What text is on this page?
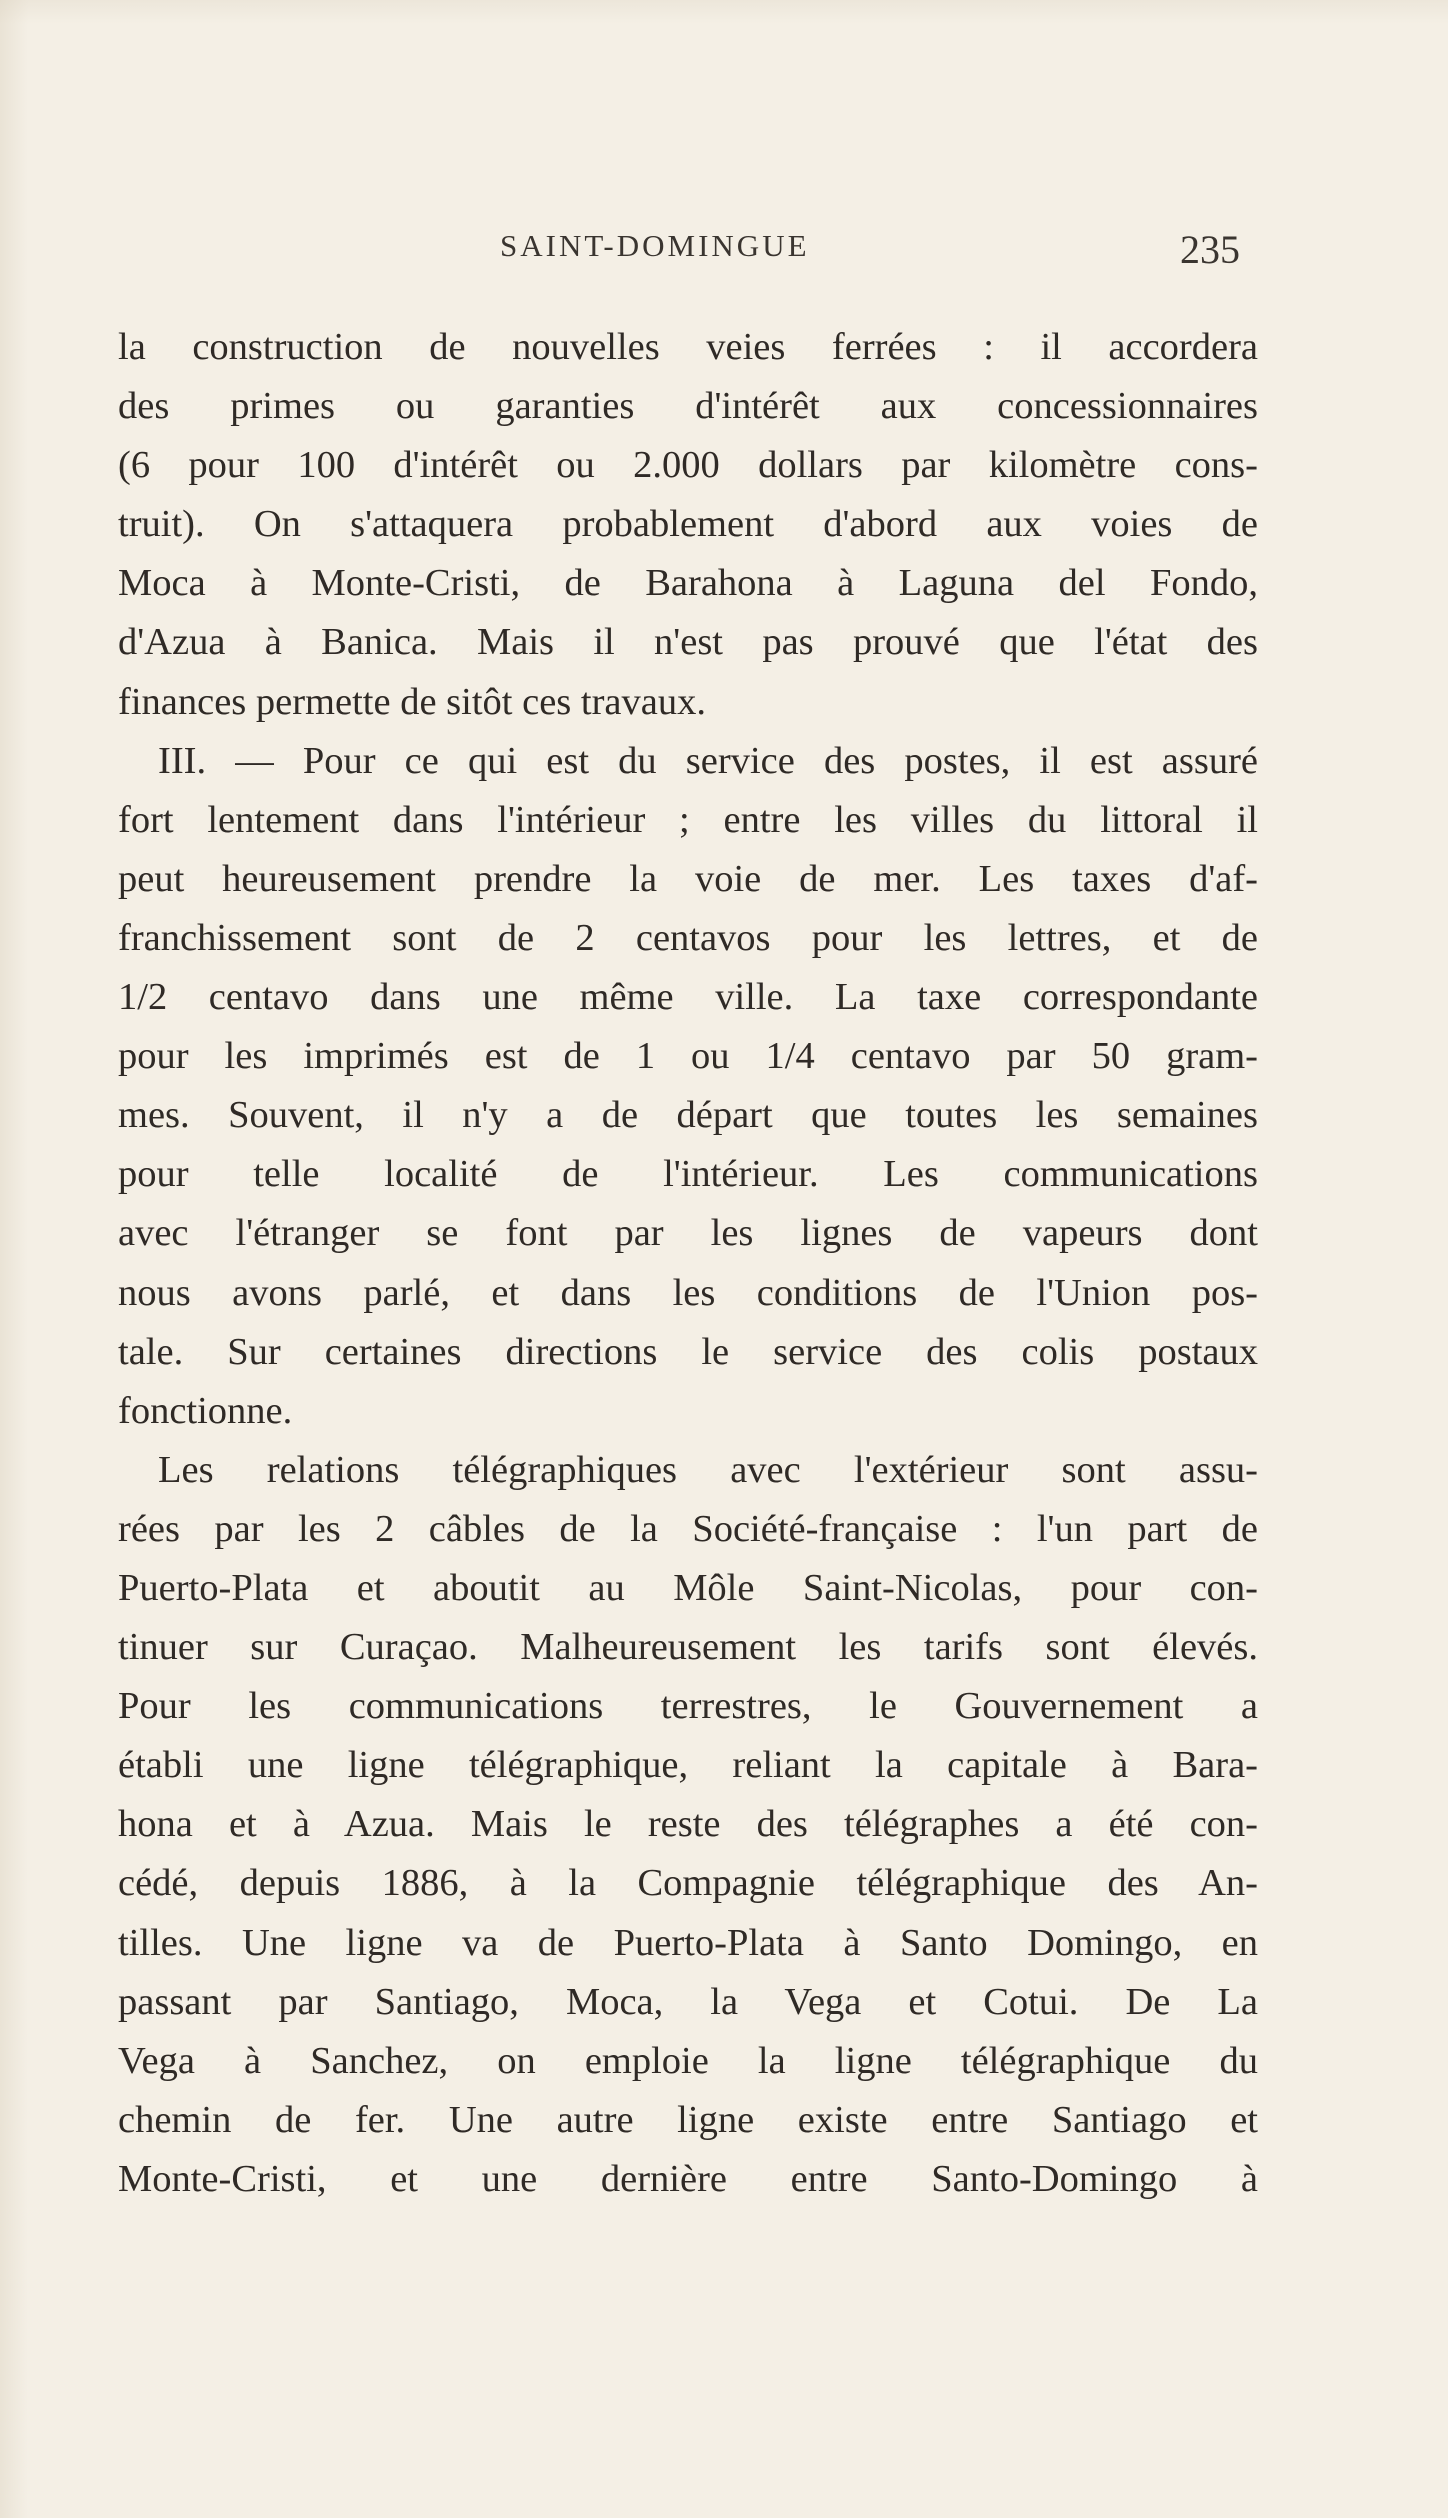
SAINT-DOMINGUE	235
la construction de nouvelles veies ferrées : il accordera
des primes ou garanties d'intérêt aux concessionnaires
(6 pour 100 d'intérêt ou 2.000 dollars par kilomètre cons-
truit). On s'attaquera probablement d'abord aux voies de
Moca à Monte-Cristi, de Barahona à Laguna del Fondo,
d'Azua à Banica. Mais il n'est pas prouvé que l'état des
finances permette de sitôt ces travaux.
III. — Pour ce qui est du service des postes, il est assuré
fort lentement dans l'intérieur ; entre les villes du littoral il
peut heureusement prendre la voie de mer. Les taxes d'af-
franchissement sont de 2 centavos pour les lettres, et de
1/2 centavo dans une même ville. La taxe correspondante
pour les imprimés est de 1 ou 1/4 centavo par 50 gram-
mes. Souvent, il n'y a de départ que toutes les semaines
pour telle localité de l'intérieur. Les communications
avec l'étranger se font par les lignes de vapeurs dont
nous avons parlé, et dans les conditions de l'Union pos-
tale. Sur certaines directions le service des colis postaux
fonctionne.
Les relations télégraphiques avec l'extérieur sont assu-
rées par les 2 câbles de la Société-française : l'un part de
Puerto-Plata et aboutit au Môle Saint-Nicolas, pour con-
tinuer sur Curaçao. Malheureusement les tarifs sont élevés.
Pour les communications terrestres, le Gouvernement a
établi une ligne télégraphique, reliant la capitale à Bara-
hona et à Azua. Mais le reste des télégraphes a été con-
cédé, depuis 1886, à la Compagnie télégraphique des An-
tilles. Une ligne va de Puerto-Plata à Santo Domingo, en
passant par Santiago, Moca, la Vega et Cotui. De La
Vega à Sanchez, on emploie la ligne télégraphique du
chemin de fer. Une autre ligne existe entre Santiago et
Monte-Cristi, et une dernière entre Santo-Domingo à
